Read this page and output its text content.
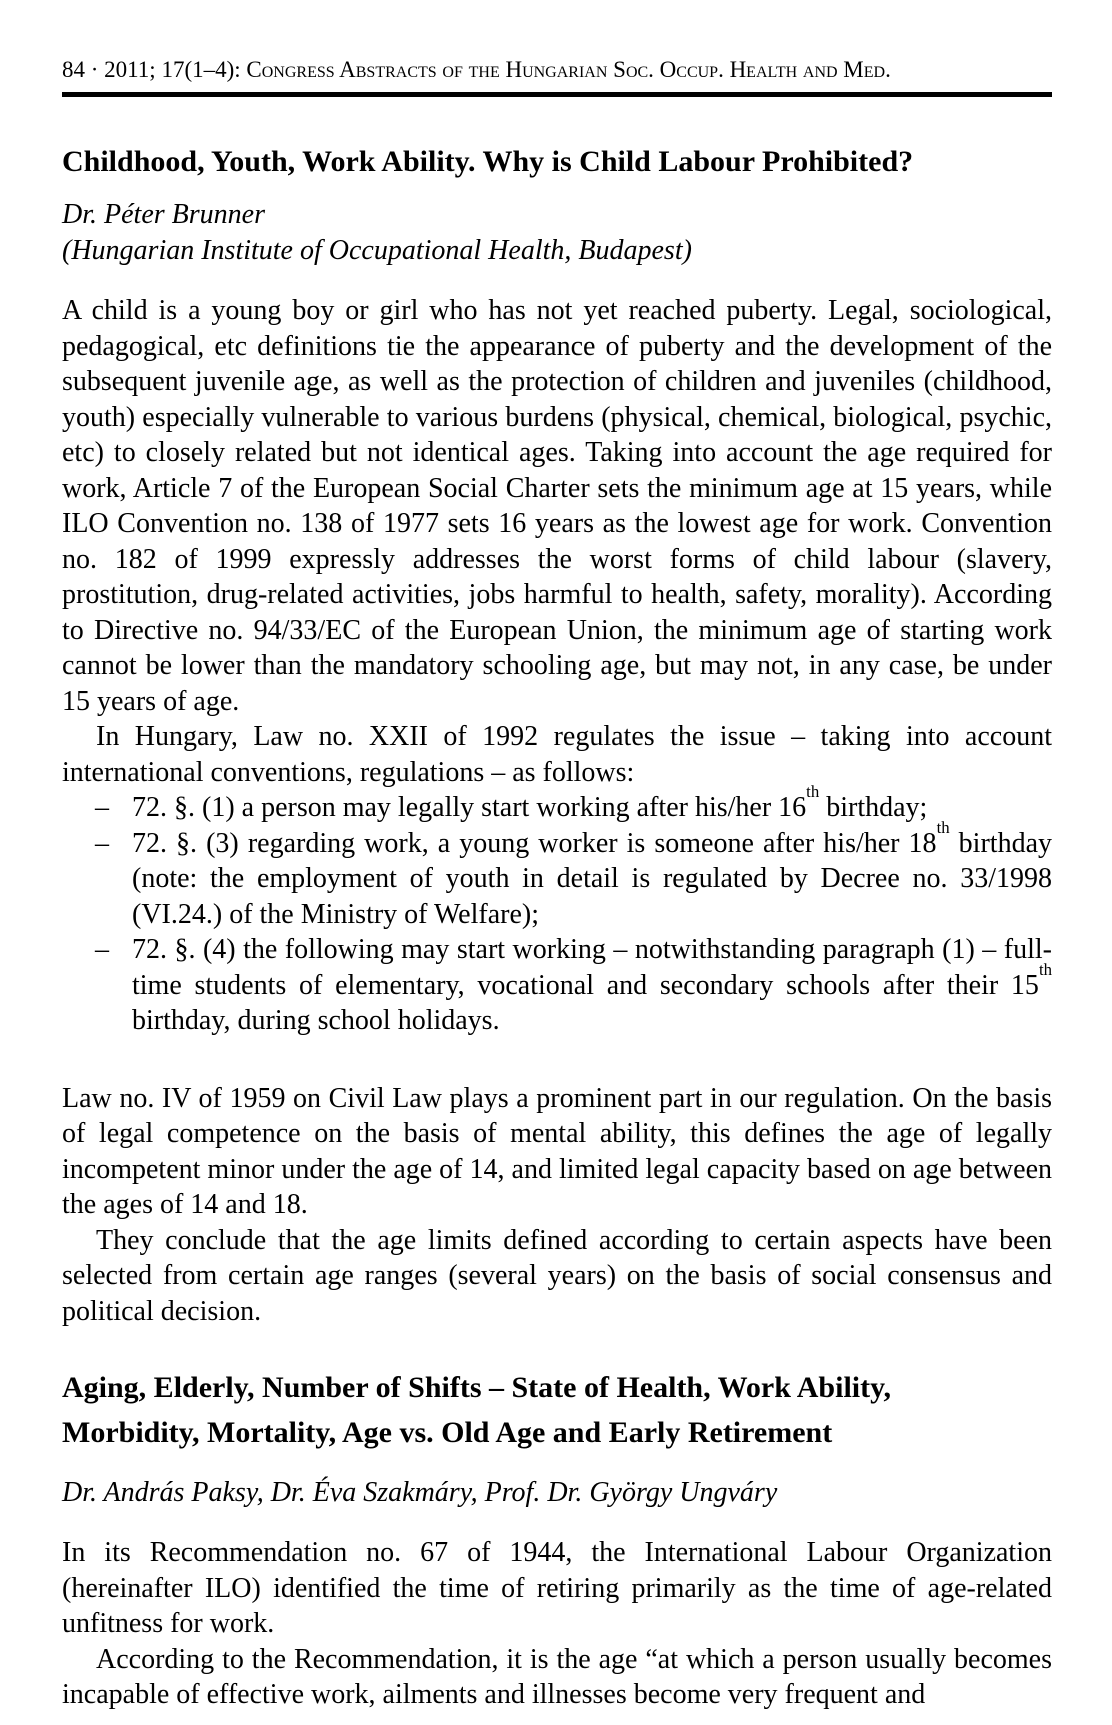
84 · 2011; 17(1–4): Congress Abstracts of the Hungarian Soc. Occup. Health and Med.
Childhood, Youth, Work Ability. Why is Child Labour Prohibited?
Dr. Péter Brunner
(Hungarian Institute of Occupational Health, Budapest)

A child is a young boy or girl who has not yet reached puberty. Legal, sociological, pedagogical, etc definitions tie the appearance of puberty and the development of the subsequent juvenile age, as well as the protection of children and juveniles (childhood, youth) especially vulnerable to various burdens (physical, chemical, biological, psychic, etc) to closely related but not identical ages. Taking into account the age required for work, Article 7 of the European Social Charter sets the minimum age at 15 years, while ILO Convention no. 138 of 1977 sets 16 years as the lowest age for work. Convention no. 182 of 1999 expressly addresses the worst forms of child labour (slavery, prostitution, drug-related activities, jobs harmful to health, safety, morality). According to Directive no. 94/33/EC of the European Union, the minimum age of starting work cannot be lower than the mandatory schooling age, but may not, in any case, be under 15 years of age.

In Hungary, Law no. XXII of 1992 regulates the issue – taking into account international conventions, regulations – as follows:

– 72. §. (1) a person may legally start working after his/her 16th birthday;
– 72. §. (3) regarding work, a young worker is someone after his/her 18th birthday (note: the employment of youth in detail is regulated by Decree no. 33/1998 (VI.24.) of the Ministry of Welfare);
– 72. §. (4) the following may start working – notwithstanding paragraph (1) – full-time students of elementary, vocational and secondary schools after their 15th birthday, during school holidays.

Law no. IV of 1959 on Civil Law plays a prominent part in our regulation. On the basis of legal competence on the basis of mental ability, this defines the age of legally incompetent minor under the age of 14, and limited legal capacity based on age between the ages of 14 and 18.

They conclude that the age limits defined according to certain aspects have been selected from certain age ranges (several years) on the basis of social consensus and political decision.

Aging, Elderly, Number of Shifts – State of Health, Work Ability,
Morbidity, Mortality, Age vs. Old Age and Early Retirement
Dr. András Paksy, Dr. Éva Szakmáry, Prof. Dr. György Ungváry

In its Recommendation no. 67 of 1944, the International Labour Organization (hereinafter ILO) identified the time of retiring primarily as the time of age-related unfitness for work.

According to the Recommendation, it is the age “at which a person usually becomes incapable of effective work, ailments and illnesses become very frequent and
